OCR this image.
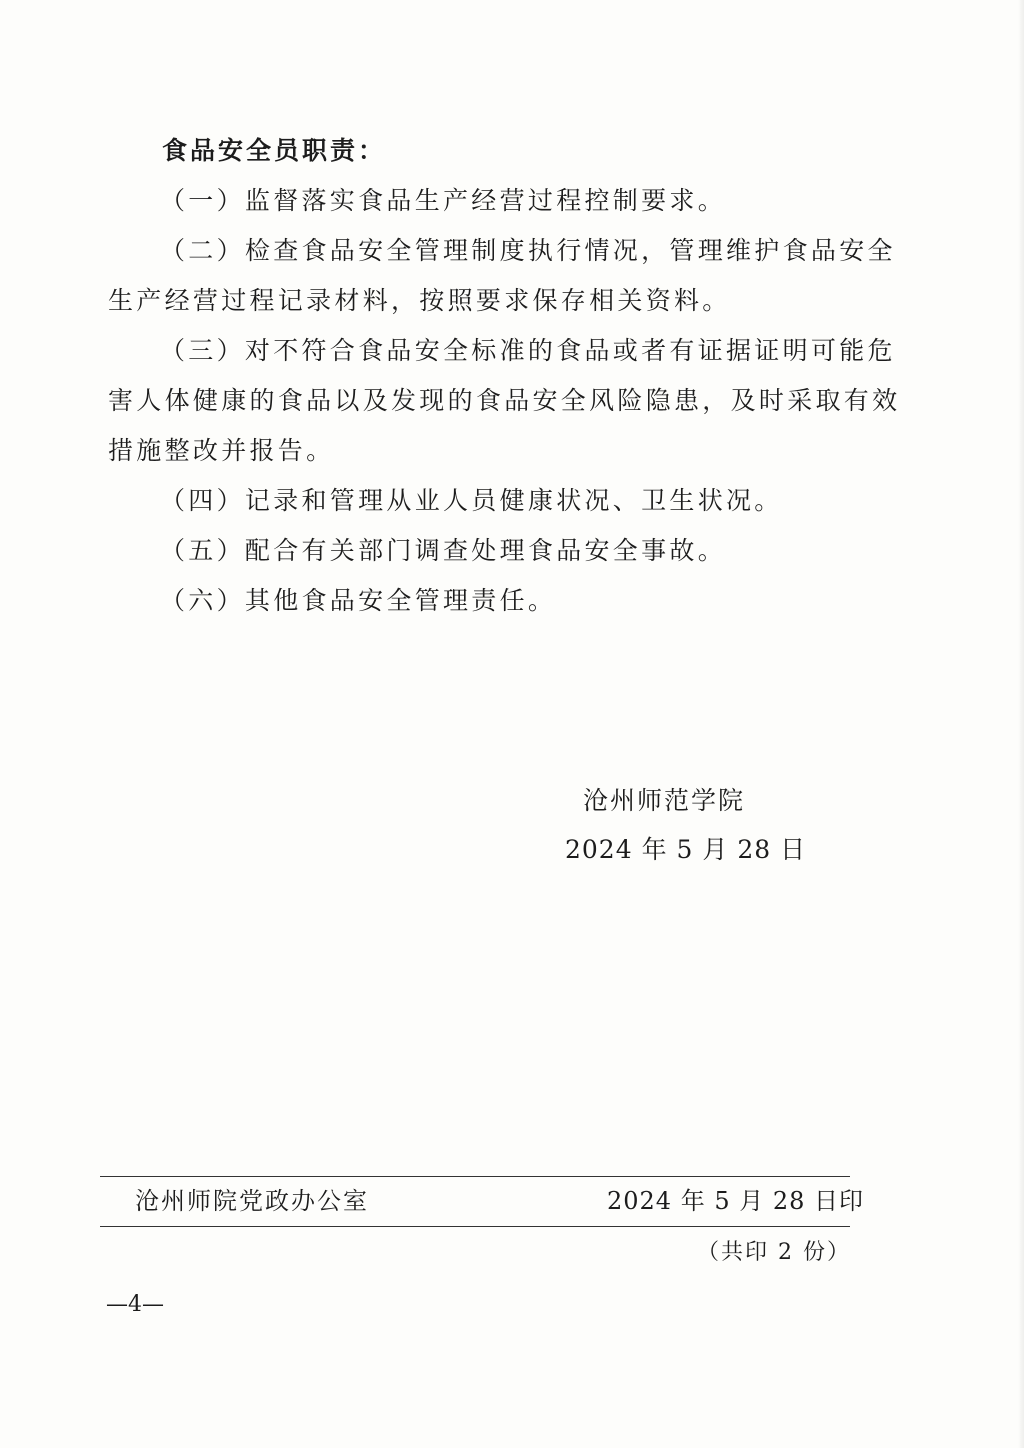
食品安全员职责：
（一）监督落实食品生产经营过程控制要求。
（二）检查食品安全管理制度执行情况，管理维护食品安全
生产经营过程记录材料，按照要求保存相关资料。
（三）对不符合食品安全标准的食品或者有证据证明可能危
害人体健康的食品以及发现的食品安全风险隐患，及时采取有效
措施整改并报告。
（四）记录和管理从业人员健康状况、卫生状况。
（五）配合有关部门调查处理食品安全事故。
（六）其他食品安全管理责任。
沧州师范学院
2024 年 5 月 28 日
沧州师院党政办公室	2024 年 5 月 28 日印
（共印 2 份）
—4—
